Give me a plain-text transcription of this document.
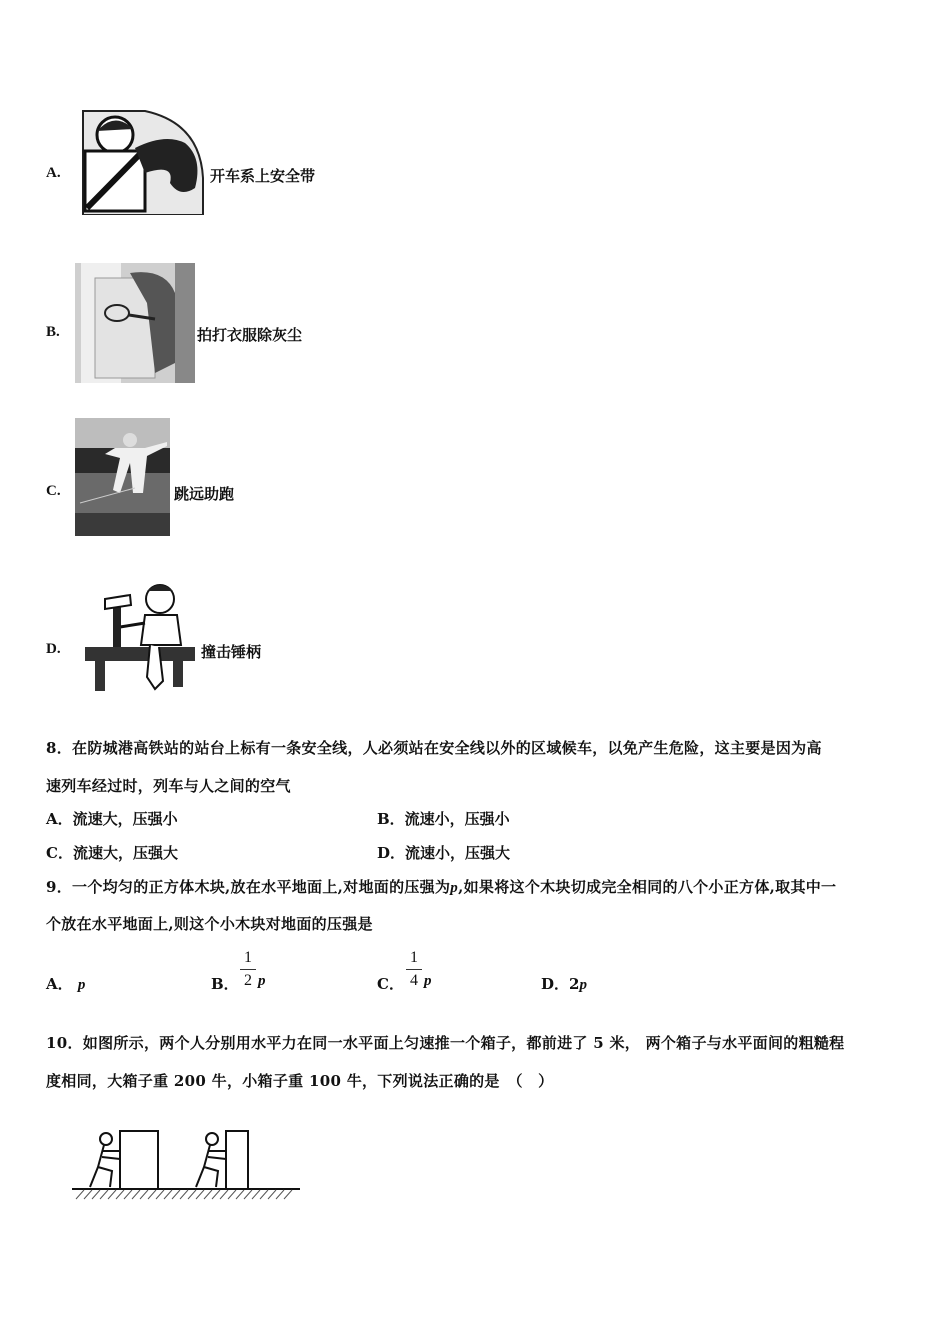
A.	开车系上安全带
B.	拍打衣服除灰尘
C.	跳远助跑
D.	撞击锤柄
8．在防城港高铁站的站台上标有一条安全线，人必须站在安全线以外的区域候车，以免产生危险，这主要是因为高
速列车经过时，列车与人之间的空气
A．流速大，压强小	B．流速小，压强小
C．流速大，压强大	D．流速小，压强大
9．一个均匀的正方体木块,放在水平地面上,对地面的压强为p,如果将这个木块切成完全相同的八个小正方体,取其中一
个放在水平地面上,则这个小木块对地面的压强是
A． p	B．
1
2 p	C．
1
4 p	D．2p
10．如图所示，两个人分别用水平力在同一水平面上匀速推一个箱子，都前进了 5 米， 两个箱子与水平面间的粗糙程
度相同，大箱子重 200 牛，小箱子重 100 牛，下列说法正确的是　（　）
